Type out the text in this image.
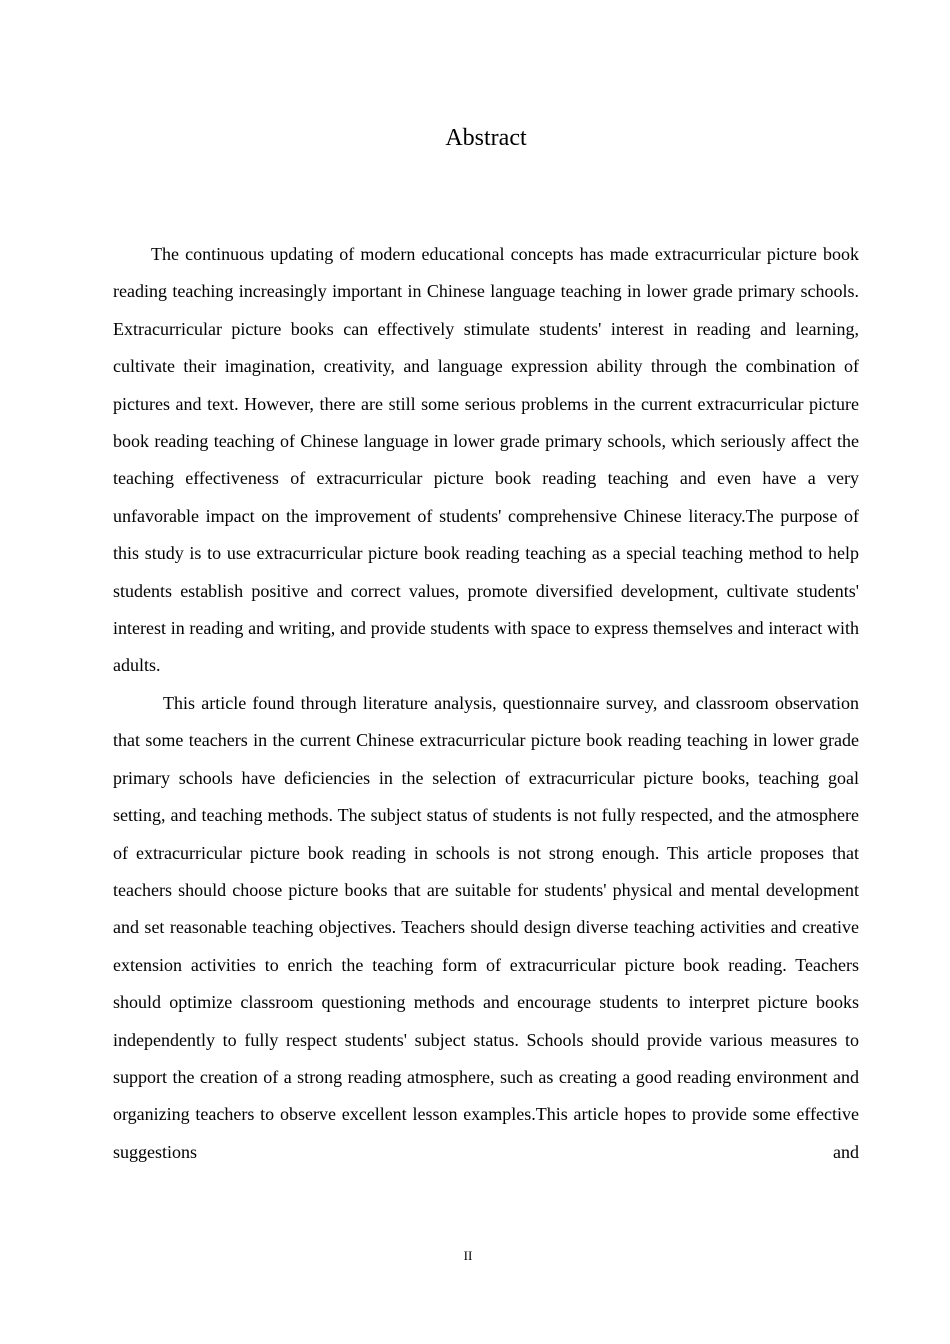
Abstract

The continuous updating of modern educational concepts has made extracurricular picture book reading teaching increasingly important in Chinese language teaching in lower grade primary schools. Extracurricular picture books can effectively stimulate students' interest in reading and learning, cultivate their imagination, creativity, and language expression ability through the combination of pictures and text. However, there are still some serious problems in the current extracurricular picture book reading teaching of Chinese language in lower grade primary schools, which seriously affect the teaching effectiveness of extracurricular picture book reading teaching and even have a very unfavorable impact on the improvement of students' comprehensive Chinese literacy.The purpose of this study is to use extracurricular picture book reading teaching as a special teaching method to help students establish positive and correct values, promote diversified development, cultivate students' interest in reading and writing, and provide students with space to express themselves and interact with adults.

This article found through literature analysis, questionnaire survey, and classroom observation that some teachers in the current Chinese extracurricular picture book reading teaching in lower grade primary schools have deficiencies in the selection of extracurricular picture books, teaching goal setting, and teaching methods. The subject status of students is not fully respected, and the atmosphere of extracurricular picture book reading in schools is not strong enough. This article proposes that teachers should choose picture books that are suitable for students' physical and mental development and set reasonable teaching objectives. Teachers should design diverse teaching activities and creative extension activities to enrich the teaching form of extracurricular picture book reading. Teachers should optimize classroom questioning methods and encourage students to interpret picture books independently to fully respect students' subject status. Schools should provide various measures to support the creation of a strong reading atmosphere, such as creating a good reading environment and organizing teachers to observe excellent lesson examples.This article hopes to provide some effective suggestions and

II
